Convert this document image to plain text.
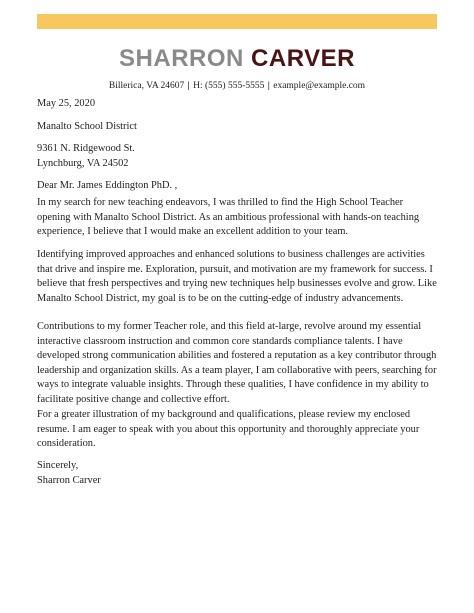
SHARRON CARVER
Billerica, VA 24607 | H: (555) 555-5555 | example@example.com
May 25, 2020
Manalto School District
9361 N. Ridgewood St.
Lynchburg, VA 24502
Dear Mr. James Eddington PhD. ,
In my search for new teaching endeavors, I was thrilled to find the High School Teacher opening with Manalto School District. As an ambitious professional with hands-on teaching experience, I believe that I would make an excellent addition to your team.
Identifying improved approaches and enhanced solutions to business challenges are activities that drive and inspire me. Exploration, pursuit, and motivation are my framework for success. I believe that fresh perspectives and trying new techniques help businesses evolve and grow. Like Manalto School District, my goal is to be on the cutting-edge of industry advancements.
Contributions to my former Teacher role, and this field at-large, revolve around my essential interactive classroom instruction and common core standards compliance talents. I have developed strong communication abilities and fostered a reputation as a key contributor through leadership and organization skills. As a team player, I am collaborative with peers, searching for ways to integrate valuable insights. Through these qualities, I have confidence in my ability to facilitate positive change and collective effort.
For a greater illustration of my background and qualifications, please review my enclosed resume. I am eager to speak with you about this opportunity and thoroughly appreciate your consideration.
Sincerely,
Sharron Carver
